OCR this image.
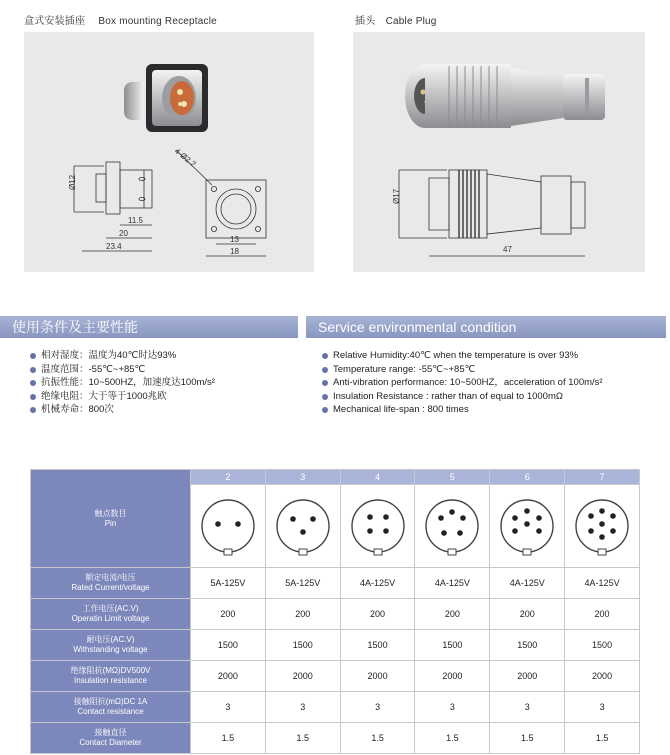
盒式安装插座　 Box mounting Receptacle	插头　Cable Plug
Ø12
11.5
20
23.4
4-Ø2.2
13
18
Ø17
47
使用条件及主要性能	Service environmental condition
相对湿度：温度为40℃时达93%
温度范围：-55℃~+85℃
抗振性能：10~500HZ，加速度达100m/s²
绝缘电阻：大于等于1000兆欧
机械寿命：800次
Relative Humidity:40℃ when the temperature is over 93%
Temperature range: -55℃~+85℃
Anti-vibration performance: 10~500HZ，acceleration of 100m/s²
Insulation Resistance : rather than of equal to 1000mΩ
Mechanical life-span : 800 times
触点数目
Pin	2	3	4	5	6	7

额定电流/电压
Rated Current/voltage	5A-125V	5A-125V	4A-125V	4A-125V	4A-125V	4A-125V

工作电压(AC.V)
Operatin Limit voltage	200	200	200	200	200	200

耐电压(AC.V)
Withstanding voltage	1500	1500	1500	1500	1500	1500

绝缘阻抗(MΩ)DV500V
Insulation resistance	2000	2000	2000	2000	2000	2000

接触阻抗(mΩ)DC 1A
Contact resistance	3	3	3	3	3	3

接触直径
Contact Diameter	1.5	1.5	1.5	1.5	1.5	1.5
